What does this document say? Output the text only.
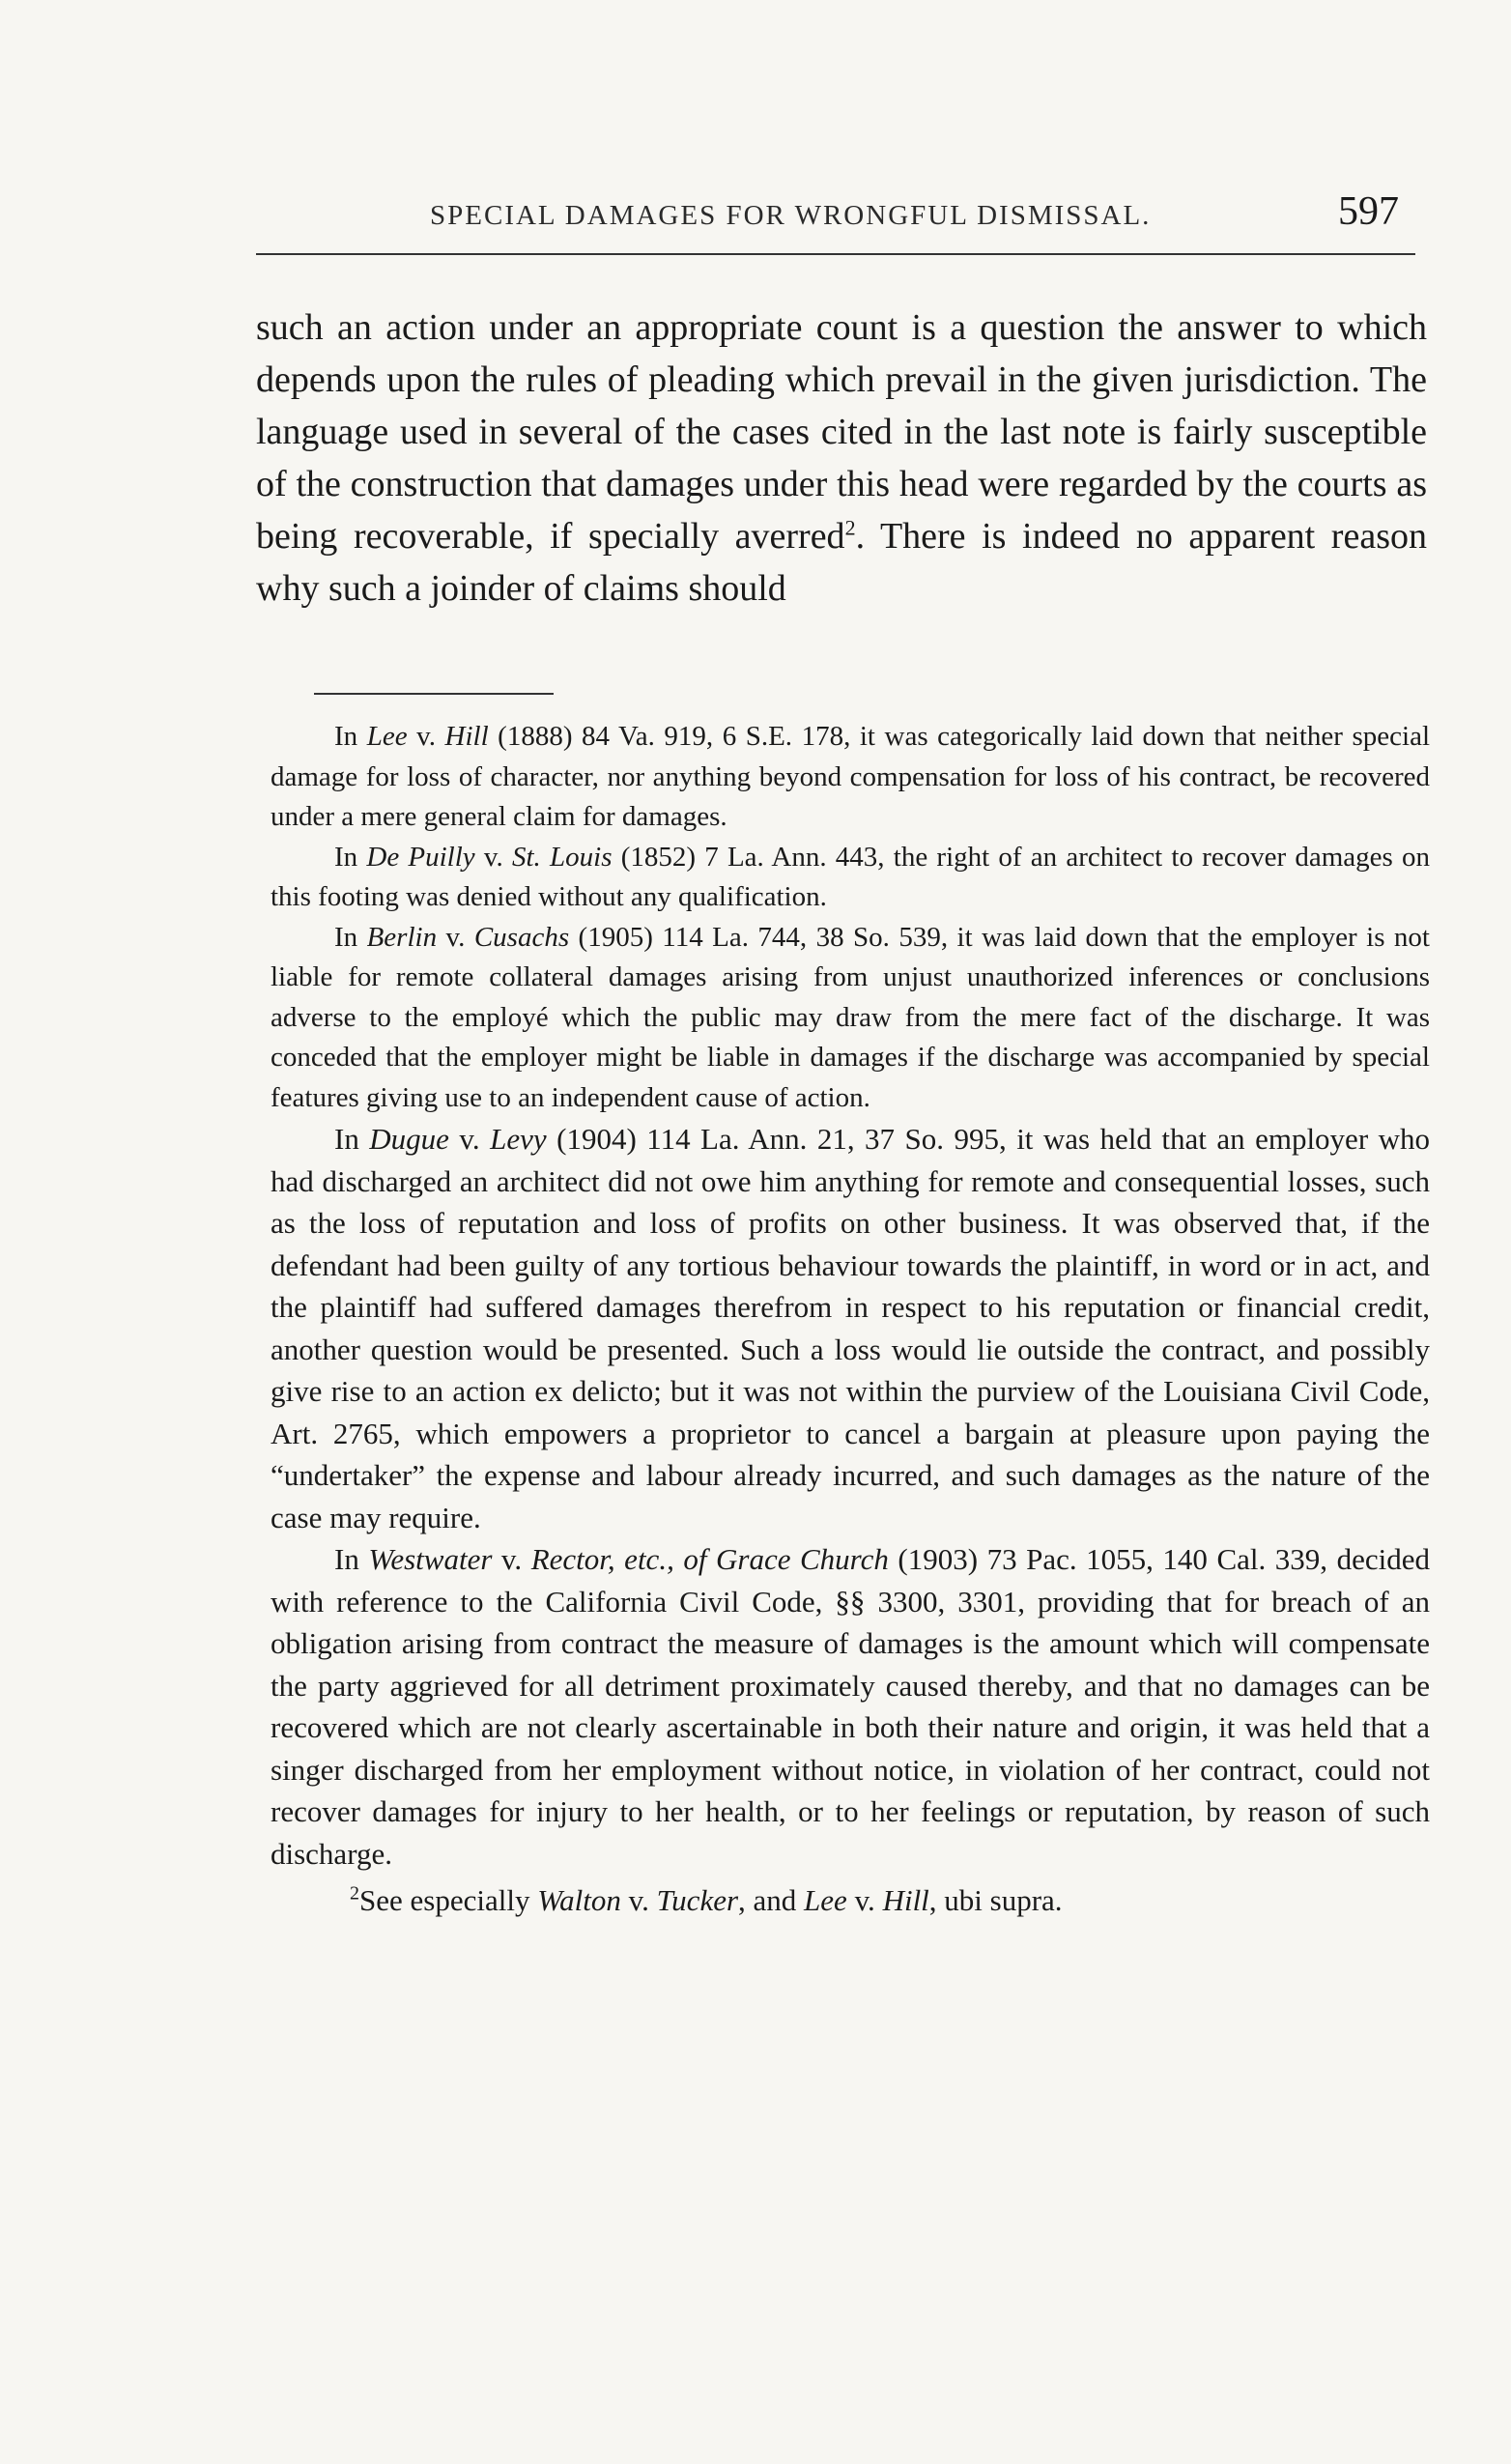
SPECIAL DAMAGES FOR WRONGFUL DISMISSAL.	597

such an action under an appropriate count is a question the answer to which depends upon the rules of pleading which prevail in the given jurisdiction. The language used in several of the cases cited in the last note is fairly susceptible of the construction that damages under this head were regarded by the courts as being recoverable, if specially averred$^2$. There is indeed no apparent reason why such a joinder of claims should

In Lee v. Hill (1888) 84 Va. 919, 6 S.E. 178, it was categorically laid down that neither special damage for loss of character, nor anything beyond compensation for loss of his contract, be recovered under a mere general claim for damages.

In De Puilly v. St. Louis (1852) 7 La. Ann. 443, the right of an architect to recover damages on this footing was denied without any qualification.

In Berlin v. Cusachs (1905) 114 La. 744, 38 So. 539, it was laid down that the employer is not liable for remote collateral damages arising from unjust unauthorized inferences or conclusions adverse to the employé which the public may draw from the mere fact of the discharge. It was conceded that the employer might be liable in damages if the discharge was accompanied by special features giving use to an independent cause of action.

In Dugue v. Levy (1904) 114 La. Ann. 21, 37 So. 995, it was held that an employer who had discharged an architect did not owe him anything for remote and consequential losses, such as the loss of reputation and loss of profits on other business. It was observed that, if the defendant had been guilty of any tortious behaviour towards the plaintiff, in word or in act, and the plaintiff had suffered damages therefrom in respect to his reputation or financial credit, another question would be presented. Such a loss would lie outside the contract, and possibly give rise to an action ex delicto; but it was not within the purview of the Louisiana Civil Code, Art. 2765, which empowers a proprietor to cancel a bargain at pleasure upon paying the “undertaker” the expense and labour already incurred, and such damages as the nature of the case may require.

In Westwater v. Rector, etc., of Grace Church (1903) 73 Pac. 1055, 140 Cal. 339, decided with reference to the California Civil Code, §§ 3300, 3301, providing that for breach of an obligation arising from contract the measure of damages is the amount which will compensate the party aggrieved for all detriment proximately caused thereby, and that no damages can be recovered which are not clearly ascertainable in both their nature and origin, it was held that a singer discharged from her employment without notice, in violation of her contract, could not recover damages for injury to her health, or to her feelings or reputation, by reason of such discharge.

$^2$See especially Walton v. Tucker, and Lee v. Hill, ubi supra.
